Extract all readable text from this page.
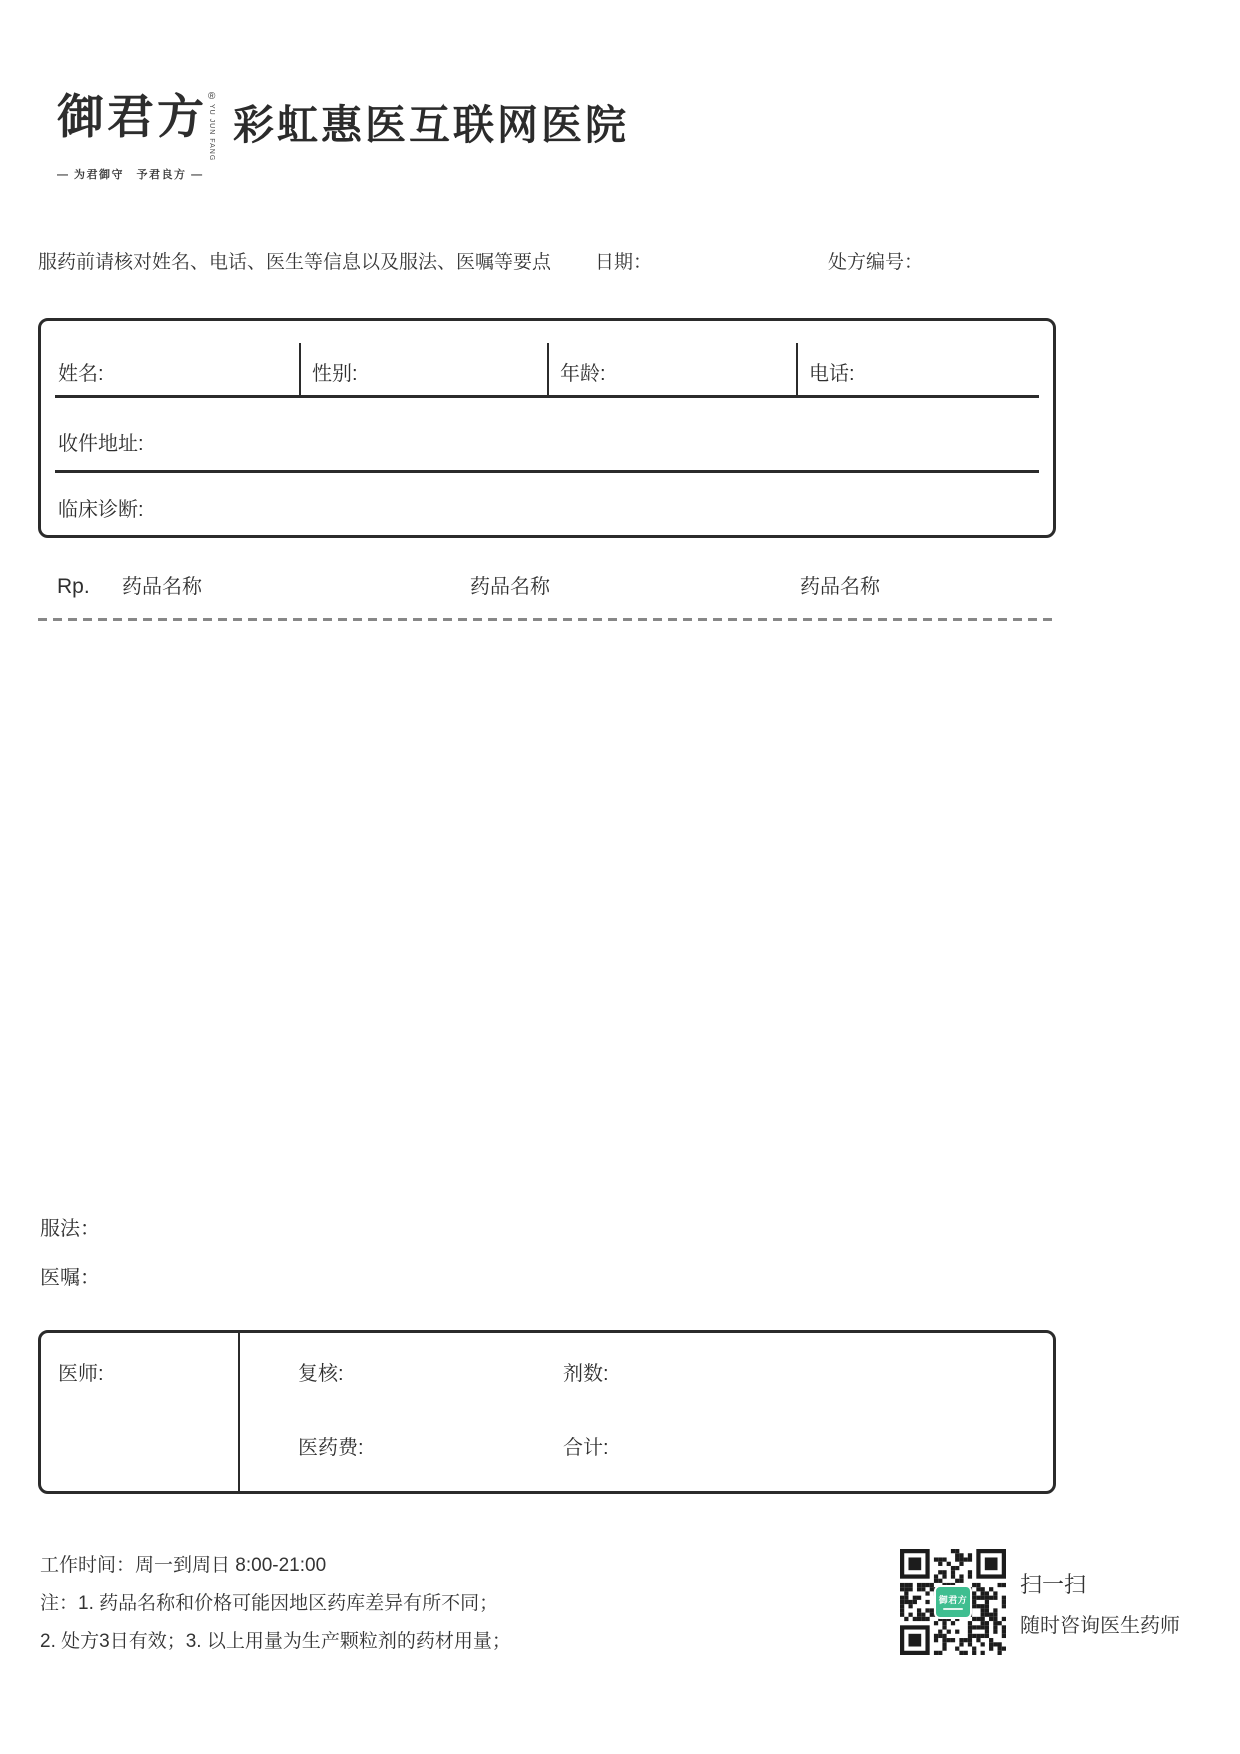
御君方 ®
YU JUN FANG
— 为君御守　予君良方 —
彩虹惠医互联网医院
服药前请核对姓名、电话、医生等信息以及服法、医嘱等要点 日期：	处方编号：
姓名:	性别:	年龄:	电话:
收件地址:
临床诊断:
Rp. 药品名称	药品名称	药品名称
服法：
医嘱：
医师:	复核:	剂数:
医药费:	合计:
工作时间：周一到周日 8:00-21:00
注：1. 药品名称和价格可能因地区药库差异有所不同；
2. 处方3日有效；3. 以上用量为生产颗粒剂的药材用量；
御君方
扫一扫
随时咨询医生药师
